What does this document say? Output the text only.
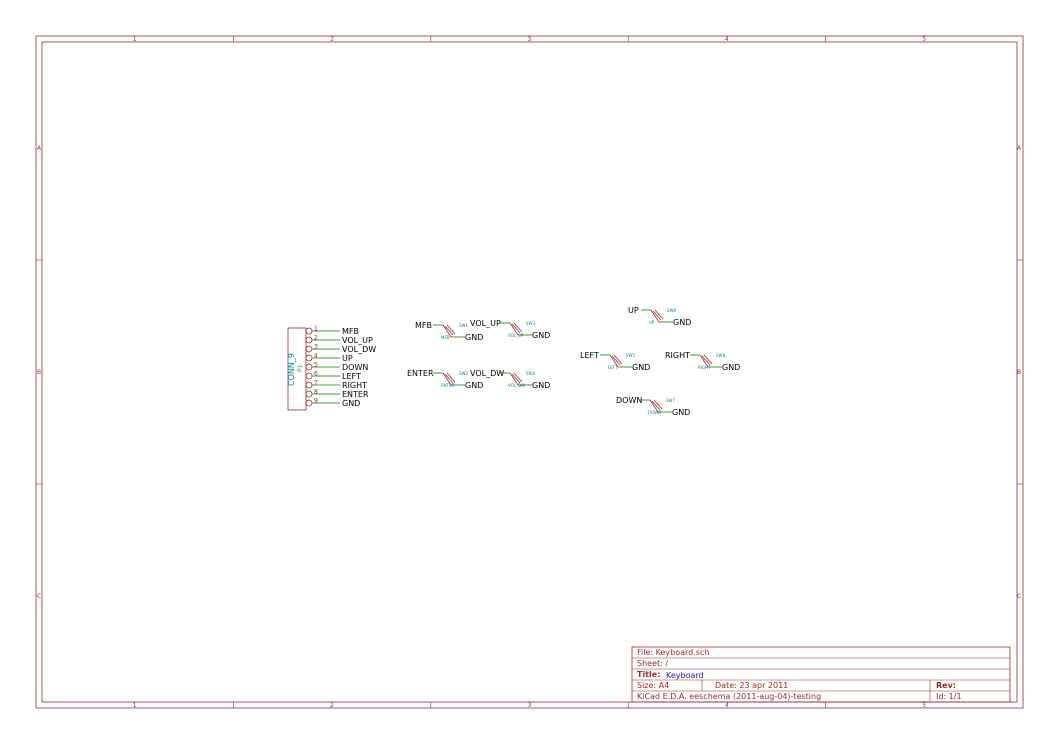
1
1
2
2
3
3
4
4
5
5
A	A
B	B
C	C
CONN_9 P1
1	MFB
2	VOL_UP
3	VOL_DW
4	UP
5	DOWN
6	LEFT
7	RIGHT
8	ENTER
9	GND
MFB	SW1
MFB GND
VOL_UP	SW3
VOL_UP GND
ENTER	SW2
ENTER GND
VOL_DW	SW4
VOL_DW GND
UP	SW6
UP GND
LEFT	SW5
LEFT GND
RIGHT	SW8
RIGHT GND
DOWN	SW7
DOWN GND
File: Keyboard.sch
Sheet: /
Title: Keyboard
Size: A4	Date: 23 apr 2011	Rev:
KiCad E.D.A. eeschema (2011-aug-04)-testing	Id: 1/1
